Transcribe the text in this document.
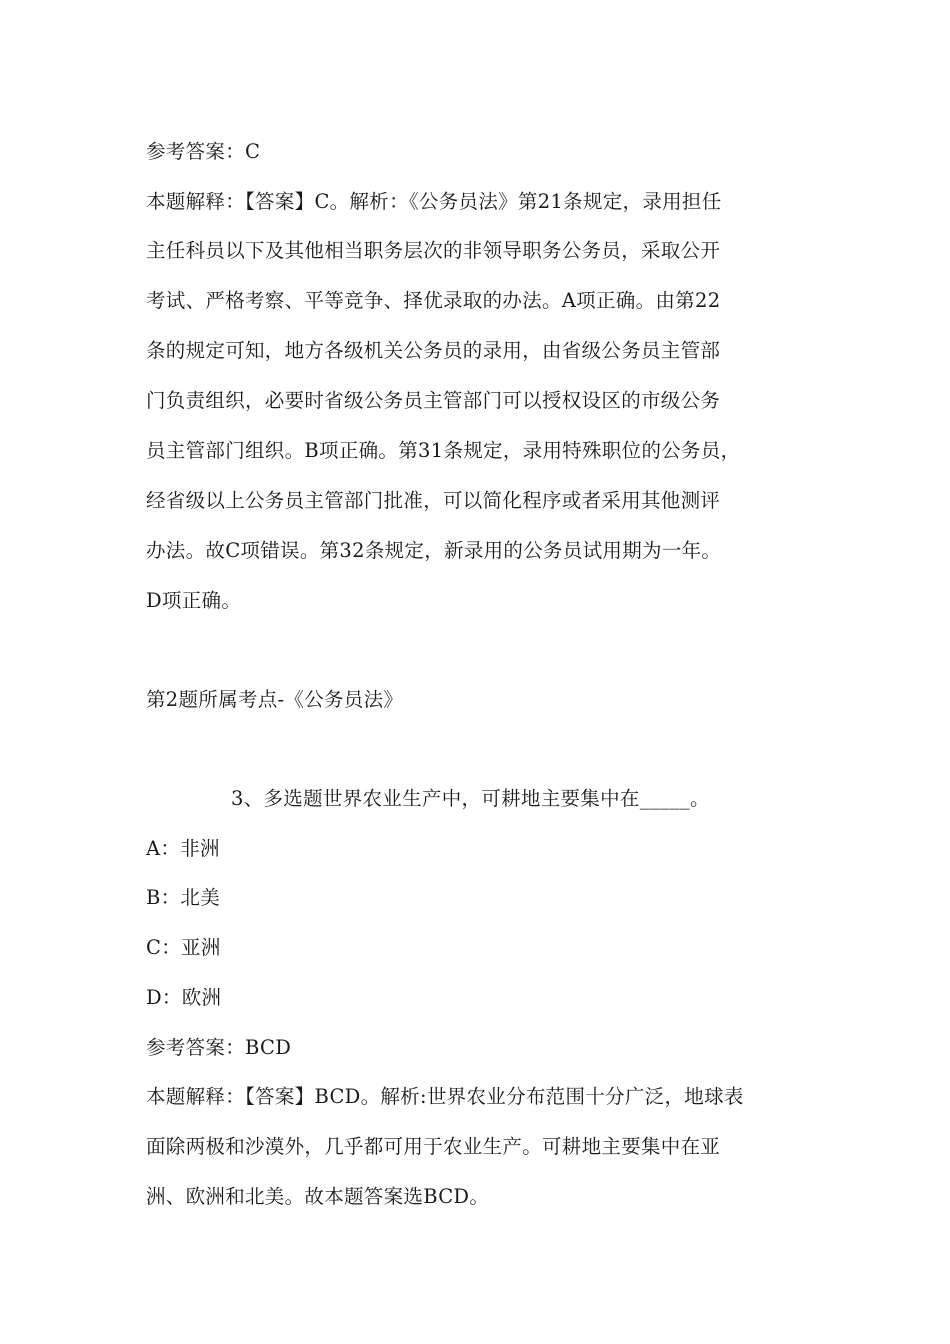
参考答案：C
本题解释：【答案】C。解析：《公务员法》第21条规定，录用担任
主任科员以下及其他相当职务层次的非领导职务公务员，采取公开
考试、严格考察、平等竞争、择优录取的办法。A项正确。由第22
条的规定可知，地方各级机关公务员的录用，由省级公务员主管部
门负责组织，必要时省级公务员主管部门可以授权设区的市级公务
员主管部门组织。B项正确。第31条规定，录用特殊职位的公务员，
经省级以上公务员主管部门批准，可以简化程序或者采用其他测评
办法。故C项错误。第32条规定，新录用的公务员试用期为一年。
D项正确。
第2题所属考点-《公务员法》
3、多选题世界农业生产中，可耕地主要集中在_____。
A：非洲
B：北美
C：亚洲
D：欧洲
参考答案：BCD
本题解释：【答案】BCD。解析:世界农业分布范围十分广泛，地球表
面除两极和沙漠外，几乎都可用于农业生产。可耕地主要集中在亚
洲、欧洲和北美。故本题答案选BCD。
